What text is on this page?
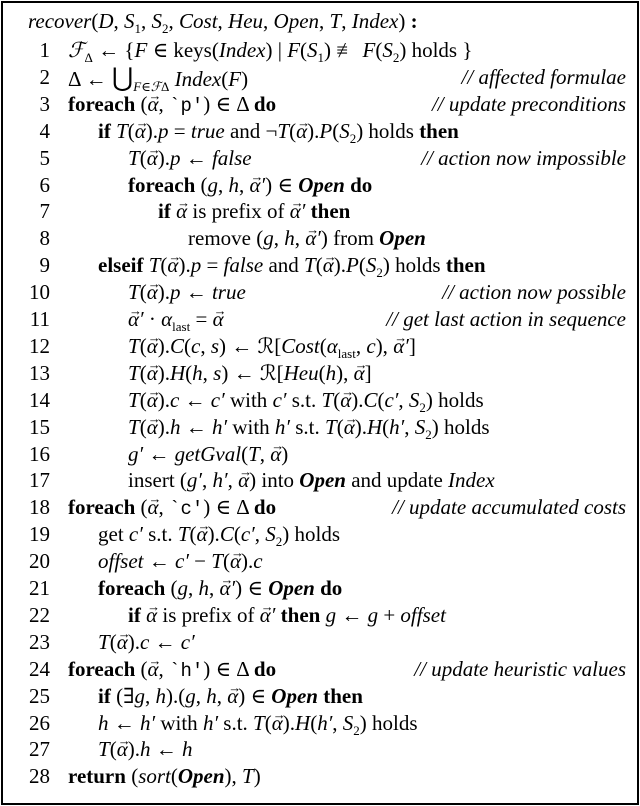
recover(D, $S_1$, $S_2$, Cost, Heu, Open, T, Index) :
1 ℱ$_\Delta$ ← {F ∈ keys(Index) | $F(S_1)$ ≢ $F(S_2)$ holds }
2 Δ ← $⋃_{F\in ℱ\Delta}$ Index(F)	// affected formulae
3 foreach (→ α, `p') ∈ Δ do	// update preconditions
4 if T(→ α).p = true and ¬T(→ $\alpha).P(S_2)$ holds then
5	T(→ α).p ← false	// action now impossible
6	foreach (g, h, → α′) ∈ Open do
7	if → α is prefix of → α′ then
8	remove (g, h, → α′) from Open
9 elseif T(→ α).p = false and $T(\to \alpha).P(S_2)$ holds then
10	T(→ α).p ← true	// action now possible
11	→ $\alpha' \cdot \alpha_{last}$ = → α	// get last action in sequence
12	T(→ α).C(c, s) ← $ℛ[Cost(\alpha_{last}$, c), → α′]
13	T(→ α).H(h, s) ← ℛ[Heu(h), → α]
14	T(→ α).c ← c′ with c′ s.t. T(→ α).C(c′, $S_2$) holds
15	T(→ α).h ← h′ with h′ s.t. T(→ α).H(h′, $S_2$) holds
16	g′ ← getGval(T, → α)
17	insert (g′, h′, → α) into Open and update Index
18 foreach (→ α, `c') ∈ Δ do	// update accumulated costs
19 get c′ s.t. T(→ α).C(c′, $S_2$) holds
20 offset ← c′ − T(→ α).c
21 foreach (g, h, → α′) ∈ Open do
22	if → α is prefix of → α′ then g ← g + offset
23 T(→ α).c ← c′
24 foreach (→ α, `h') ∈ Δ do	// update heuristic values
25 if (∃g, h).(g, h, → α) ∈ Open then
26 h ← h′ with h′ s.t. T(→ α).H(h′, $S_2$) holds
27 T(→ α).h ← h
28 return (sort(Open), T)
